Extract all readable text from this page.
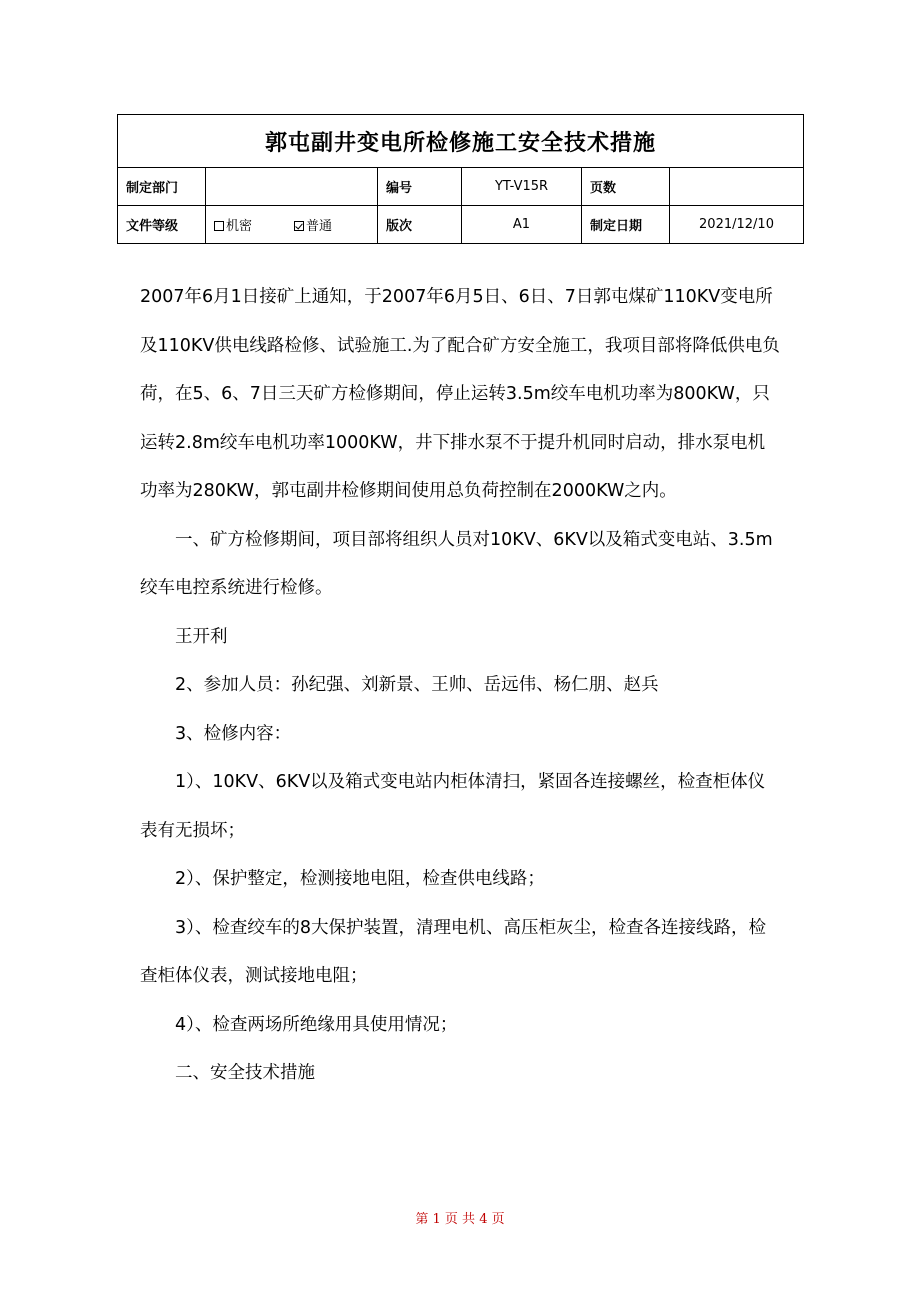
郭屯副井变电所检修施工安全技术措施					
制定部门		编号	YT-V15R	页数	
文件等级	机密 普通	版次	A1	制定日期	2021/12/10

2007年6月1日接矿上通知，于2007年6月5日、6日、7日郭屯煤矿110KV变电所及110KV供电线路检修、试验施工.为了配合矿方安全施工，我项目部将降低供电负荷，在5、6、7日三天矿方检修期间，停止运转3.5m绞车电机功率为800KW，只运转2.8m绞车电机功率1000KW，井下排水泵不于提升机同时启动，排水泵电机功率为280KW，郭屯副井检修期间使用总负荷控制在2000KW之内。

一、矿方检修期间，项目部将组织人员对10KV、6KV以及箱式变电站、3.5m绞车电控系统进行检修。

王开利

2、参加人员：孙纪强、刘新景、王帅、岳远伟、杨仁朋、赵兵

3、检修内容：

1）、10KV、6KV以及箱式变电站内柜体清扫，紧固各连接螺丝，检查柜体仪表有无损坏；

2）、保护整定，检测接地电阻，检查供电线路；

3）、检查绞车的8大保护装置，清理电机、高压柜灰尘，检查各连接线路，检查柜体仪表，测试接地电阻；

4）、检查两场所绝缘用具使用情况；

二、安全技术措施

第 1 页 共 4 页
